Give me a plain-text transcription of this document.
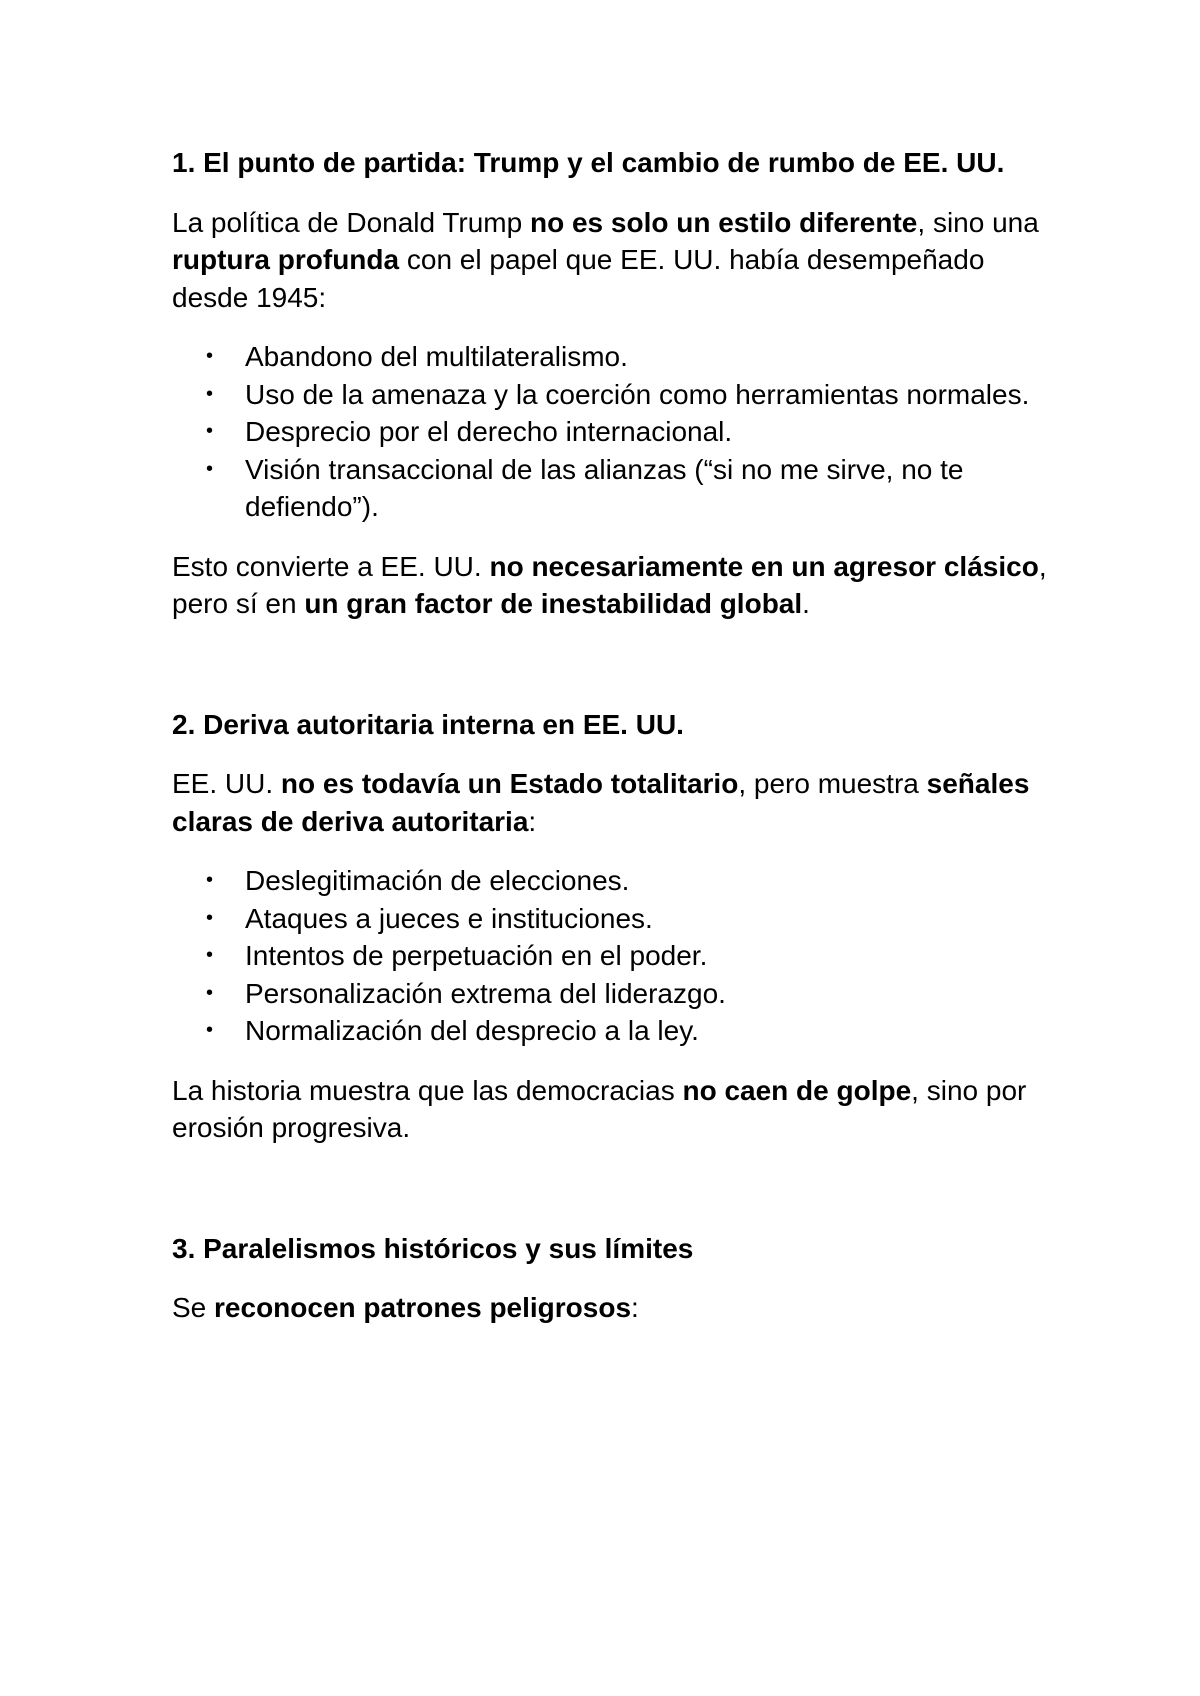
1. El punto de partida: Trump y el cambio de rumbo de EE. UU.

La política de Donald Trump no es solo un estilo diferente, sino una ruptura profunda con el papel que EE. UU. había desempeñado desde 1945:

• Abandono del multilateralismo.
• Uso de la amenaza y la coerción como herramientas normales.
• Desprecio por el derecho internacional.
• Visión transaccional de las alianzas (“si no me sirve, no te defiendo”).

Esto convierte a EE. UU. no necesariamente en un agresor clásico, pero sí en un gran factor de inestabilidad global.

2. Deriva autoritaria interna en EE. UU.

EE. UU. no es todavía un Estado totalitario, pero muestra señales claras de deriva autoritaria:

• Deslegitimación de elecciones.
• Ataques a jueces e instituciones.
• Intentos de perpetuación en el poder.
• Personalización extrema del liderazgo.
• Normalización del desprecio a la ley.

La historia muestra que las democracias no caen de golpe, sino por erosión progresiva.

3. Paralelismos históricos y sus límites

Se reconocen patrones peligrosos:
